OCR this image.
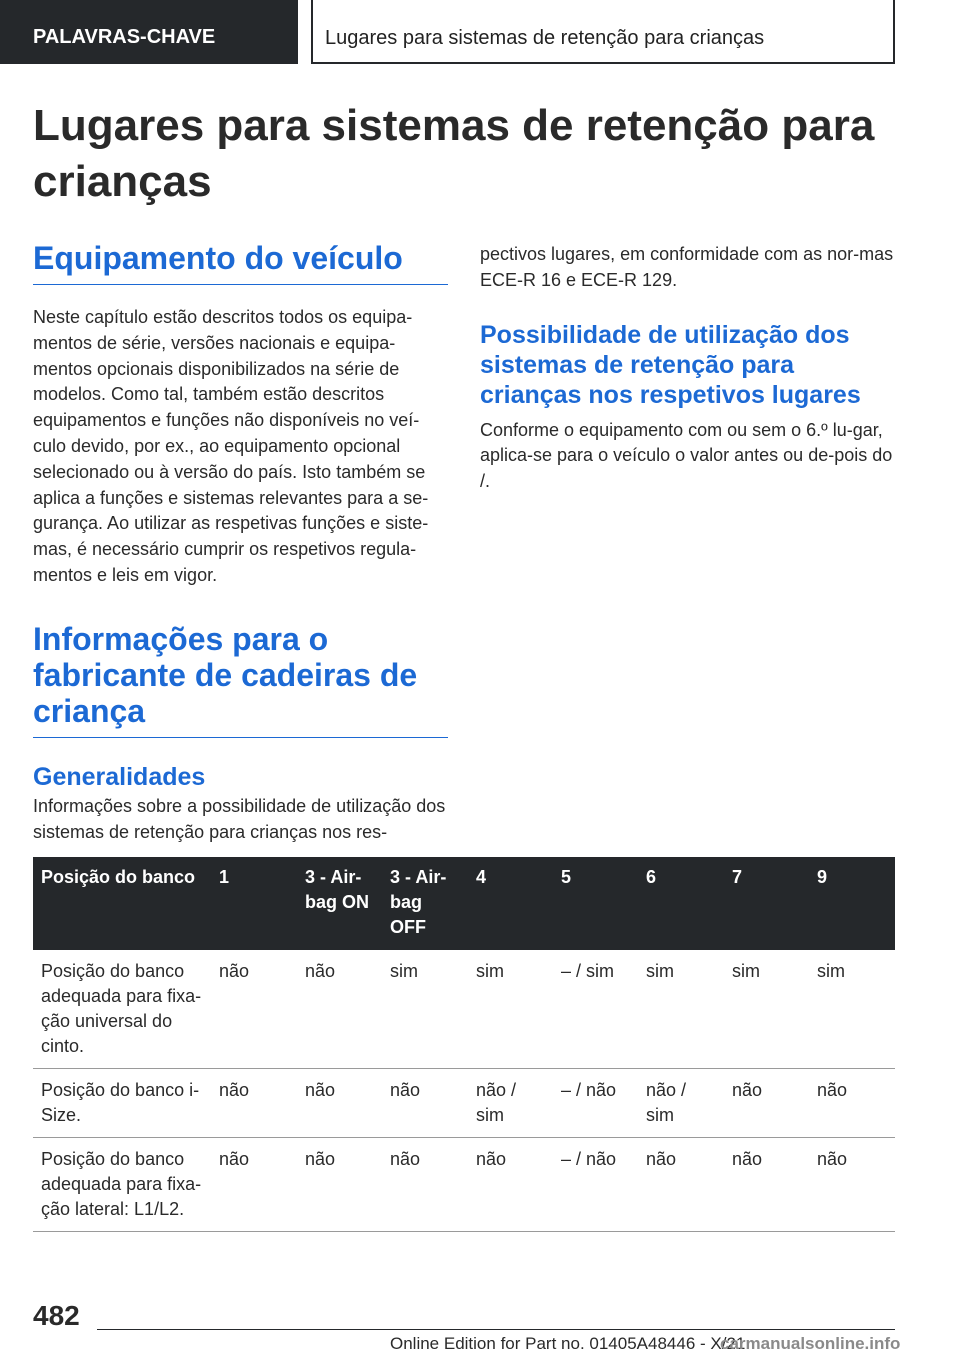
PALAVRAS-CHAVE	Lugares para sistemas de retenção para crianças
Lugares para sistemas de retenção para crianças
Equipamento do veículo

Neste capítulo estão descritos todos os equipa-mentos de série, versões nacionais e equipa-mentos opcionais disponibilizados na série de modelos. Como tal, também estão descritos equipamentos e funções não disponíveis no veí-culo devido, por ex., ao equipamento opcional selecionado ou à versão do país. Isto também se aplica a funções e sistemas relevantes para a se-gurança. Ao utilizar as respetivas funções e siste-mas, é necessário cumprir os respetivos regula-mentos e leis em vigor.

Informações para o fabricante de cadeiras de criança
Generalidades

Informações sobre a possibilidade de utilização dos sistemas de retenção para crianças nos res-

pectivos lugares, em conformidade com as nor-mas ECE-R 16 e ECE-R 129.

Possibilidade de utilização dos sistemas de retenção para crianças nos respetivos lugares

Conforme o equipamento com ou sem o 6.º lu-gar, aplica-se para o veículo o valor antes ou de-pois do /.

Posição do banco	1	3 - Air-bag ON	3 - Air-bag OFF	4	5	6	7	9
Posição do banco adequada para fixa-ção universal do cinto.	não	não	sim	sim	– / sim	sim	sim	sim
Posição do banco i-Size.	não	não	não	não / sim	– / não	não / sim	não	não
Posição do banco adequada para fixa-ção lateral: L1/L2.	não	não	não	não	– / não	não	não	não
482
Online Edition for Part no. 01405A48446 - X/21
carmanualsonline.info
